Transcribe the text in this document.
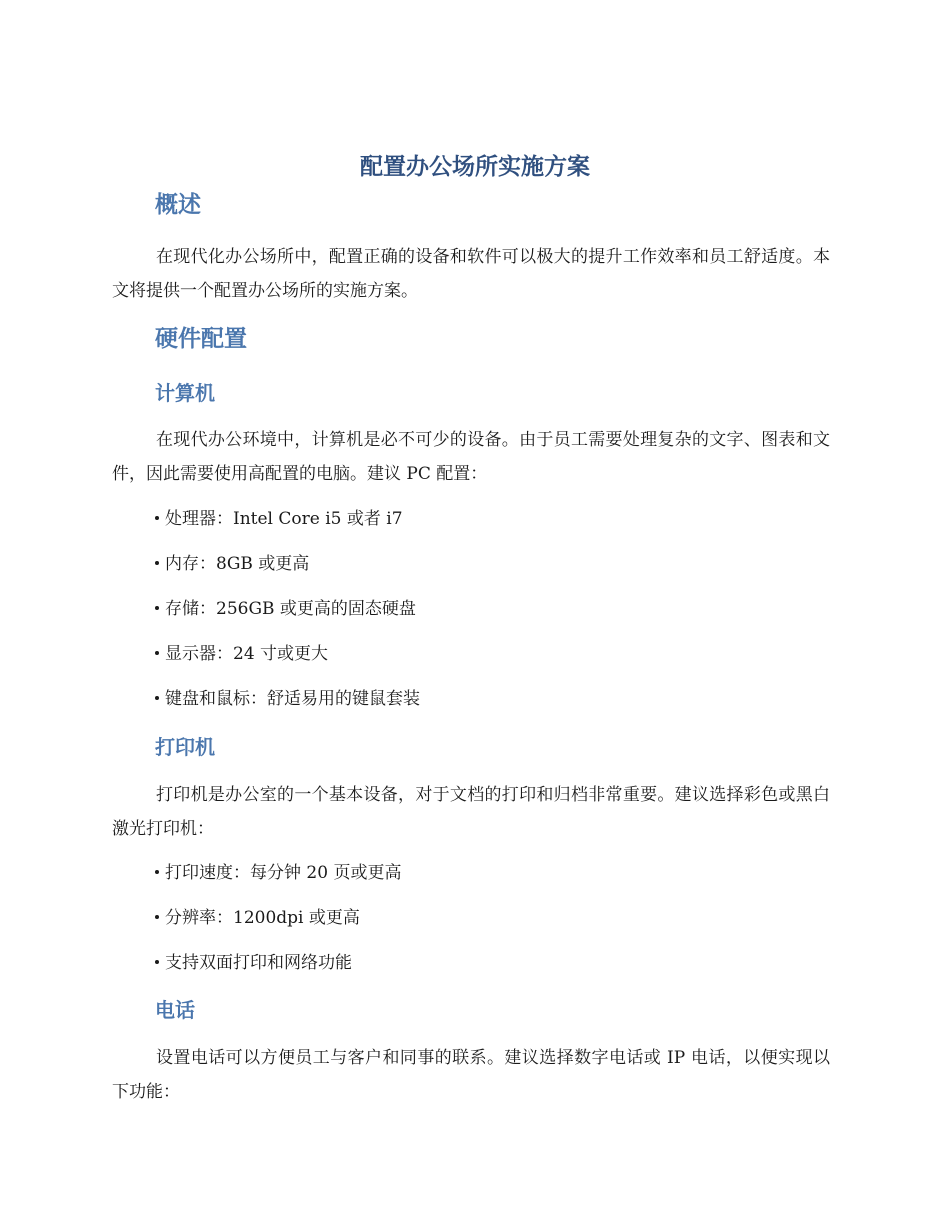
配置办公场所实施方案
概述

在现代化办公场所中，配置正确的设备和软件可以极大的提升工作效率和员工舒适度。本文将提供一个配置办公场所的实施方案。

硬件配置
计算机

在现代办公环境中，计算机是必不可少的设备。由于员工需要处理复杂的文字、图表和文件，因此需要使用高配置的电脑。建议 PC 配置：

处理器：Intel Core i5 或者 i7

内存：8GB 或更高

存储：256GB 或更高的固态硬盘

显示器：24 寸或更大

键盘和鼠标：舒适易用的键鼠套装

打印机

打印机是办公室的一个基本设备，对于文档的打印和归档非常重要。建议选择彩色或黑白激光打印机：

打印速度：每分钟 20 页或更高

分辨率：1200dpi 或更高

支持双面打印和网络功能

电话

设置电话可以方便员工与客户和同事的联系。建议选择数字电话或 IP 电话，以便实现以下功能：
